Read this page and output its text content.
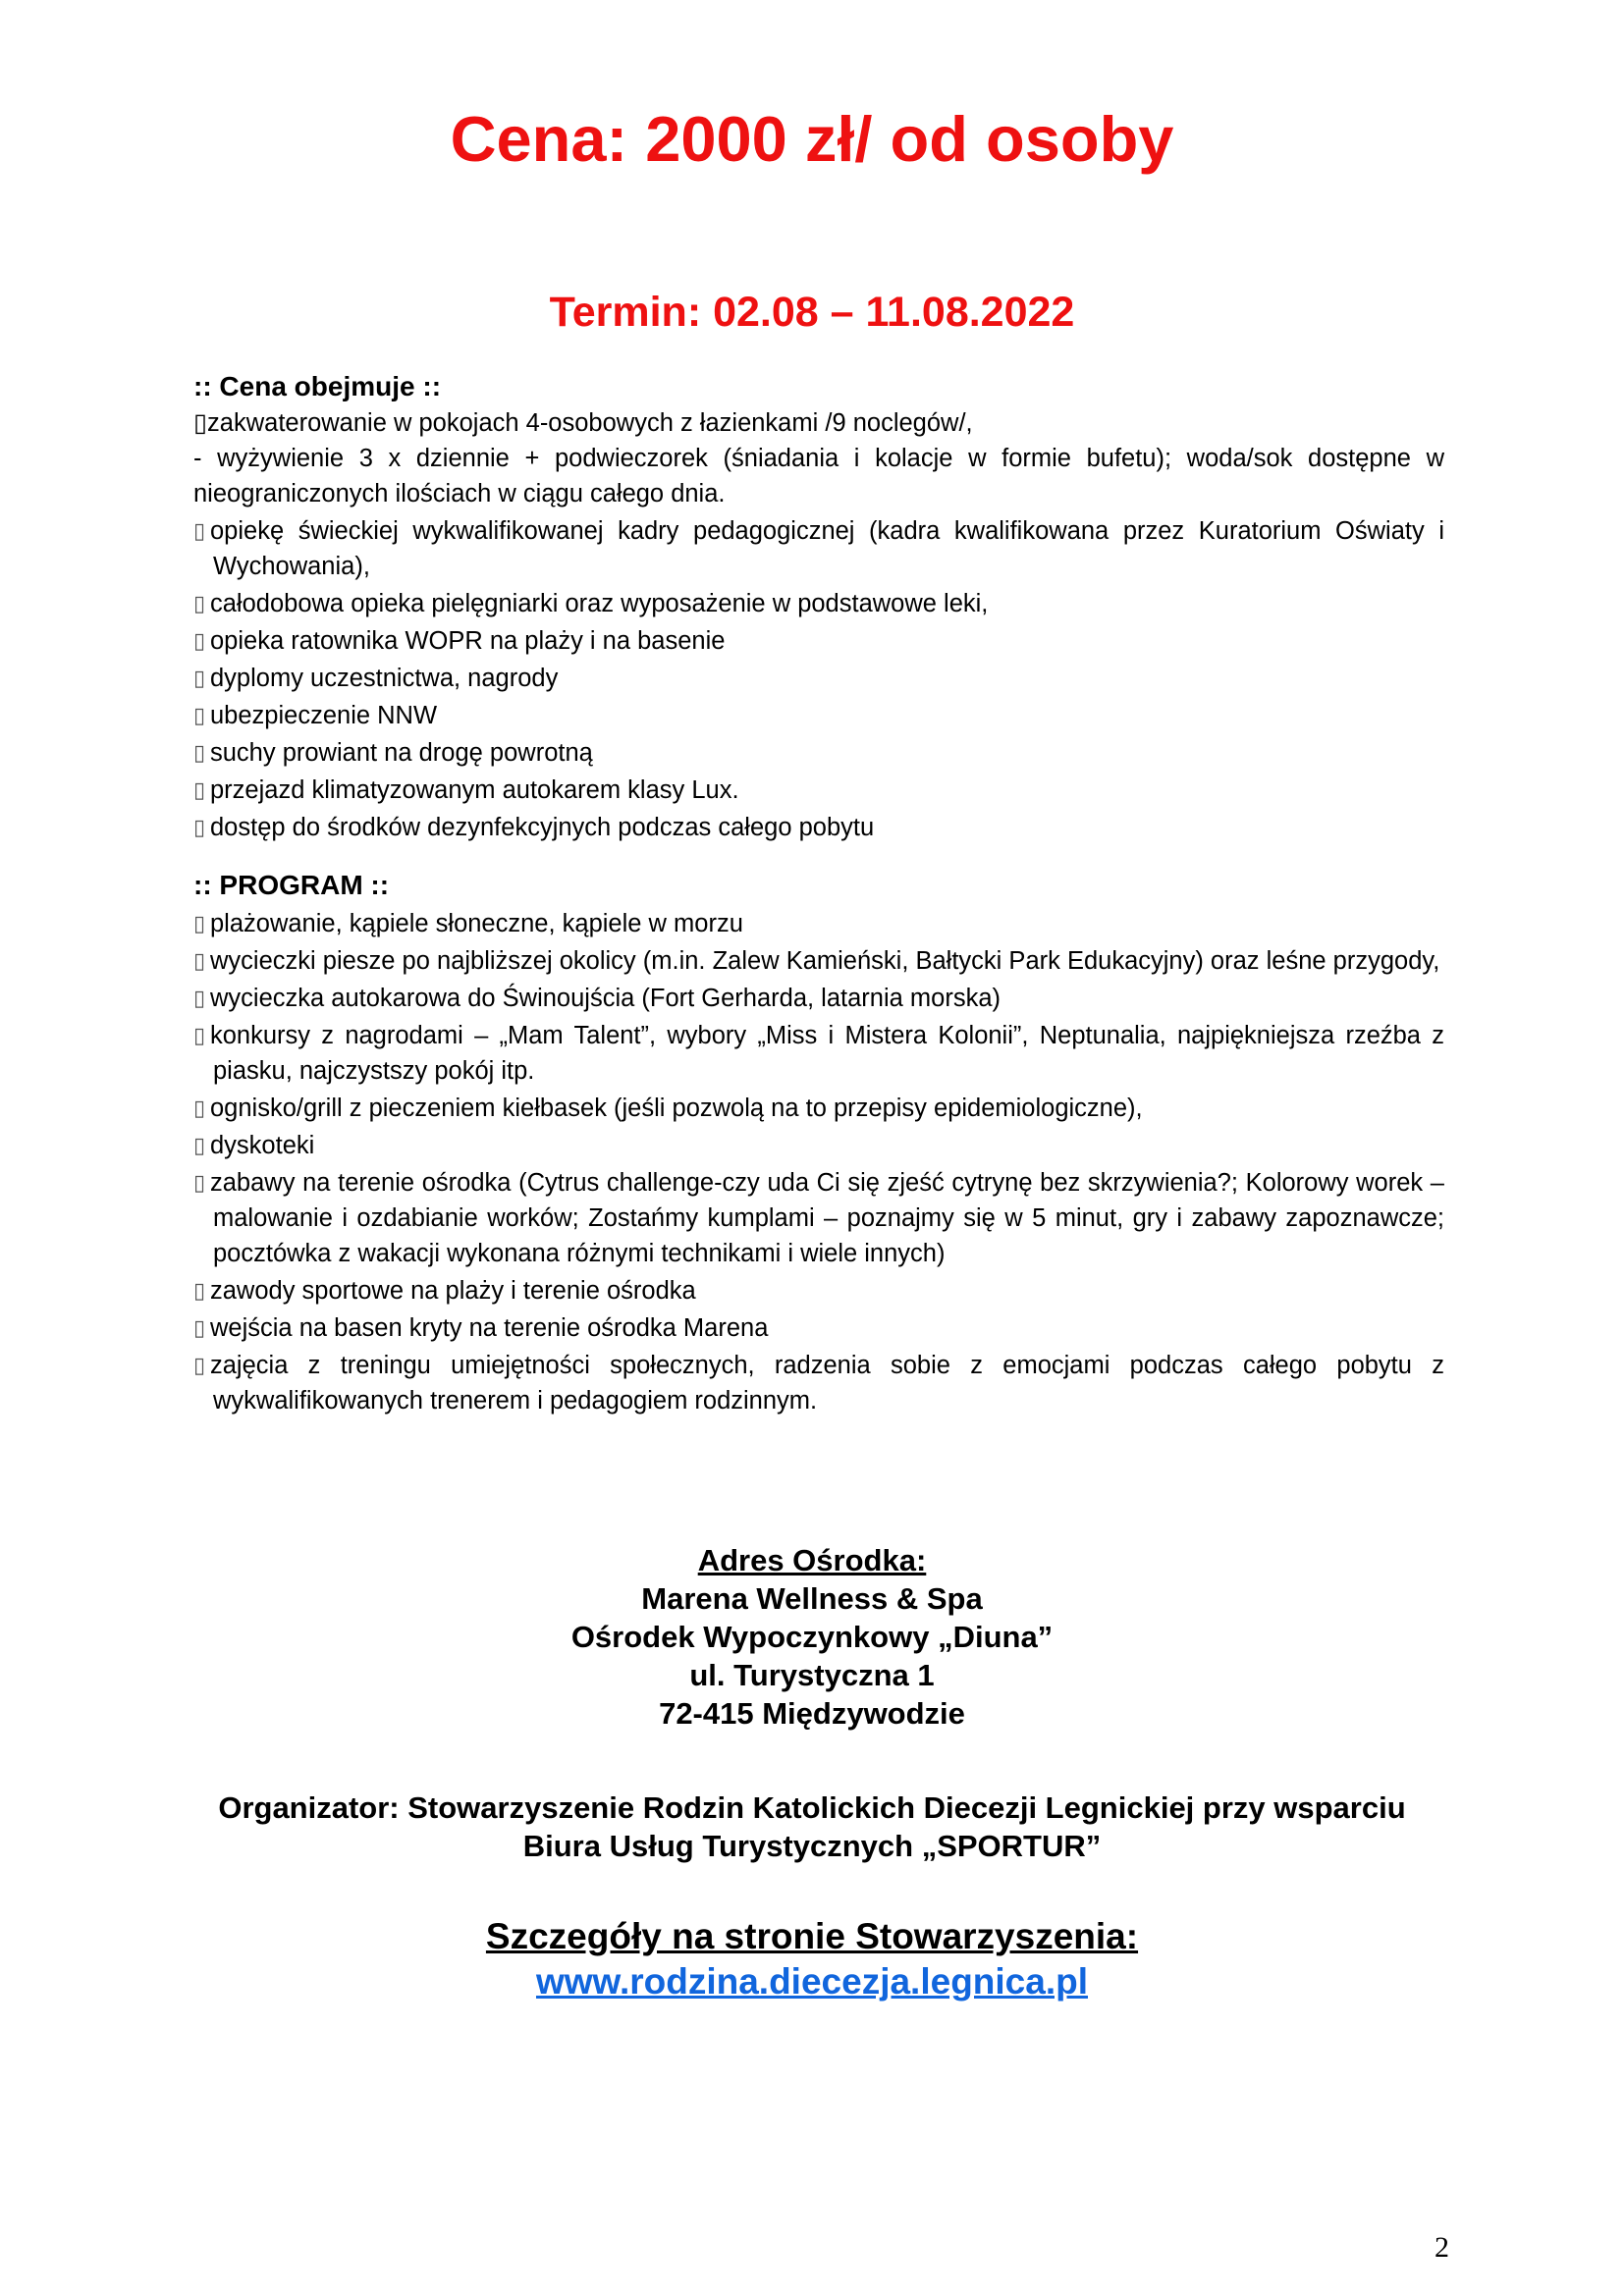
Cena: 2000 zł/ od osoby
Termin: 02.08 – 11.08.2022
:: Cena obejmuje ::
▯zakwaterowanie w pokojach 4-osobowych z łazienkami /9 noclegów/,
- wyżywienie 3 x dziennie + podwieczorek (śniadania i kolacje w formie bufetu); woda/sok dostępne w nieograniczonych ilościach w ciągu całego dnia.
▯ opiekę świeckiej wykwalifikowanej kadry pedagogicznej (kadra kwalifikowana przez Kuratorium Oświaty i Wychowania),
▯ całodobowa opieka pielęgniarki oraz wyposażenie w podstawowe leki,
▯ opieka ratownika WOPR na plaży i na basenie
▯ dyplomy uczestnictwa, nagrody
▯ ubezpieczenie NNW
▯ suchy prowiant na drogę powrotną
▯ przejazd klimatyzowanym autokarem klasy Lux.
▯ dostęp do środków dezynfekcyjnych podczas całego pobytu
:: PROGRAM ::
▯ plażowanie, kąpiele słoneczne, kąpiele w morzu
▯ wycieczki piesze po najbliższej okolicy (m.in. Zalew Kamieński, Bałtycki Park Edukacyjny) oraz leśne przygody,
▯ wycieczka autokarowa do Świnoujścia (Fort Gerharda, latarnia morska)
▯ konkursy z nagrodami – „Mam Talent”, wybory „Miss i Mistera Kolonii”, Neptunalia, najpiękniejsza rzeźba z piasku, najczystszy pokój itp.
▯ ognisko/grill z pieczeniem kiełbasek (jeśli pozwolą na to przepisy epidemiologiczne),
▯ dyskoteki
▯ zabawy na terenie ośrodka (Cytrus challenge-czy uda Ci się zjeść cytrynę bez skrzywienia?; Kolorowy worek – malowanie i ozdabianie worków; Zostańmy kumplami – poznajmy się w 5 minut, gry i zabawy zapoznawcze; pocztówka z wakacji wykonana różnymi technikami i wiele innych)
▯ zawody sportowe na plaży i terenie ośrodka
▯ wejścia na basen kryty na terenie ośrodka Marena
▯ zajęcia z treningu umiejętności społecznych, radzenia sobie z emocjami podczas całego pobytu z wykwalifikowanych trenerem i pedagogiem rodzinnym.
Adres Ośrodka:
Marena Wellness & Spa
Ośrodek Wypoczynkowy „Diuna”
ul. Turystyczna 1
72-415 Międzywodzie
Organizator: Stowarzyszenie Rodzin Katolickich Diecezji Legnickiej przy wsparciu Biura Usług Turystycznych „SPORTUR”
Szczegóły na stronie Stowarzyszenia:
www.rodzina.diecezja.legnica.pl
2
